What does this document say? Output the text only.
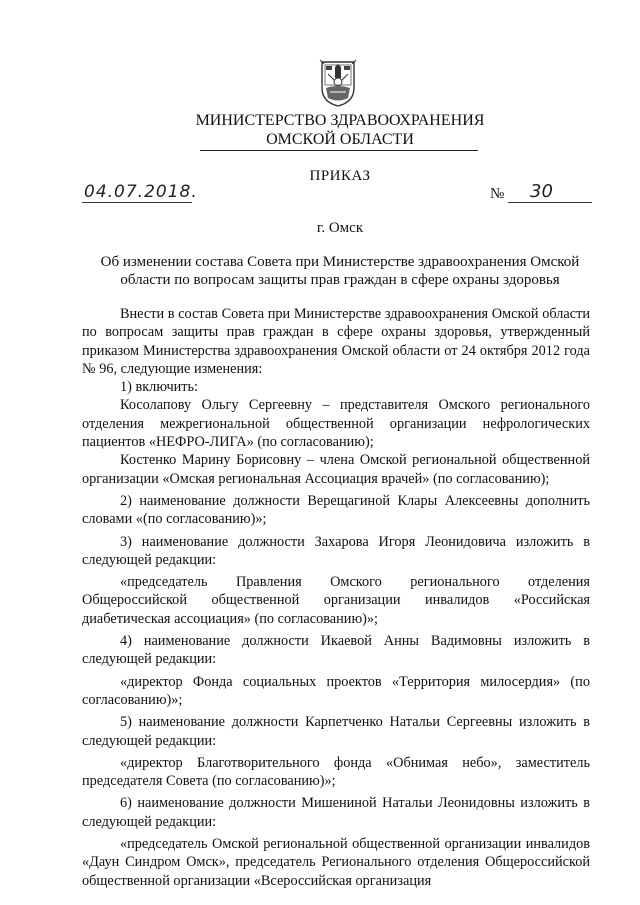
МИНИСТЕРСТВО ЗДРАВООХРАНЕНИЯ
ОМСКОЙ ОБЛАСТИ
ПРИКАЗ
04.07.2018.	№ 30
г. Омск
Об изменении состава Совета при Министерстве здравоохранения Омской области по вопросам защиты прав граждан в сфере охраны здоровья

Внести в состав Совета при Министерстве здравоохранения Омской области по вопросам защиты прав граждан в сфере охраны здоровья, утвержденный приказом Министерства здравоохранения Омской области от 24 октября 2012 года № 96, следующие изменения:

1) включить:

Косолапову Ольгу Сергеевну – представителя Омского регионального отделения межрегиональной общественной организации нефрологических пациентов «НЕФРО-ЛИГА» (по согласованию);

Костенко Марину Борисовну – члена Омской региональной общественной организации «Омская региональная Ассоциация врачей» (по согласованию);

2) наименование должности Верещагиной Клары Алексеевны дополнить словами «(по согласованию)»;

3) наименование должности Захарова Игоря Леонидовича изложить в следующей редакции:

«председатель Правления Омского регионального отделения Общероссийской общественной организации инвалидов «Российская диабетическая ассоциация» (по согласованию)»;

4) наименование должности Икаевой Анны Вадимовны изложить в следующей редакции:

«директор Фонда социальных проектов «Территория милосердия» (по согласованию)»;

5) наименование должности Карпетченко Натальи Сергеевны изложить в следующей редакции:

«директор Благотворительного фонда «Обнимая небо», заместитель председателя Совета (по согласованию)»;

6) наименование должности Мишениной Натальи Леонидовны изложить в следующей редакции:

«председатель Омской региональной общественной организации инвалидов «Даун Синдром Омск», председатель Регионального отделения Общероссийской общественной организации «Всероссийская организация
